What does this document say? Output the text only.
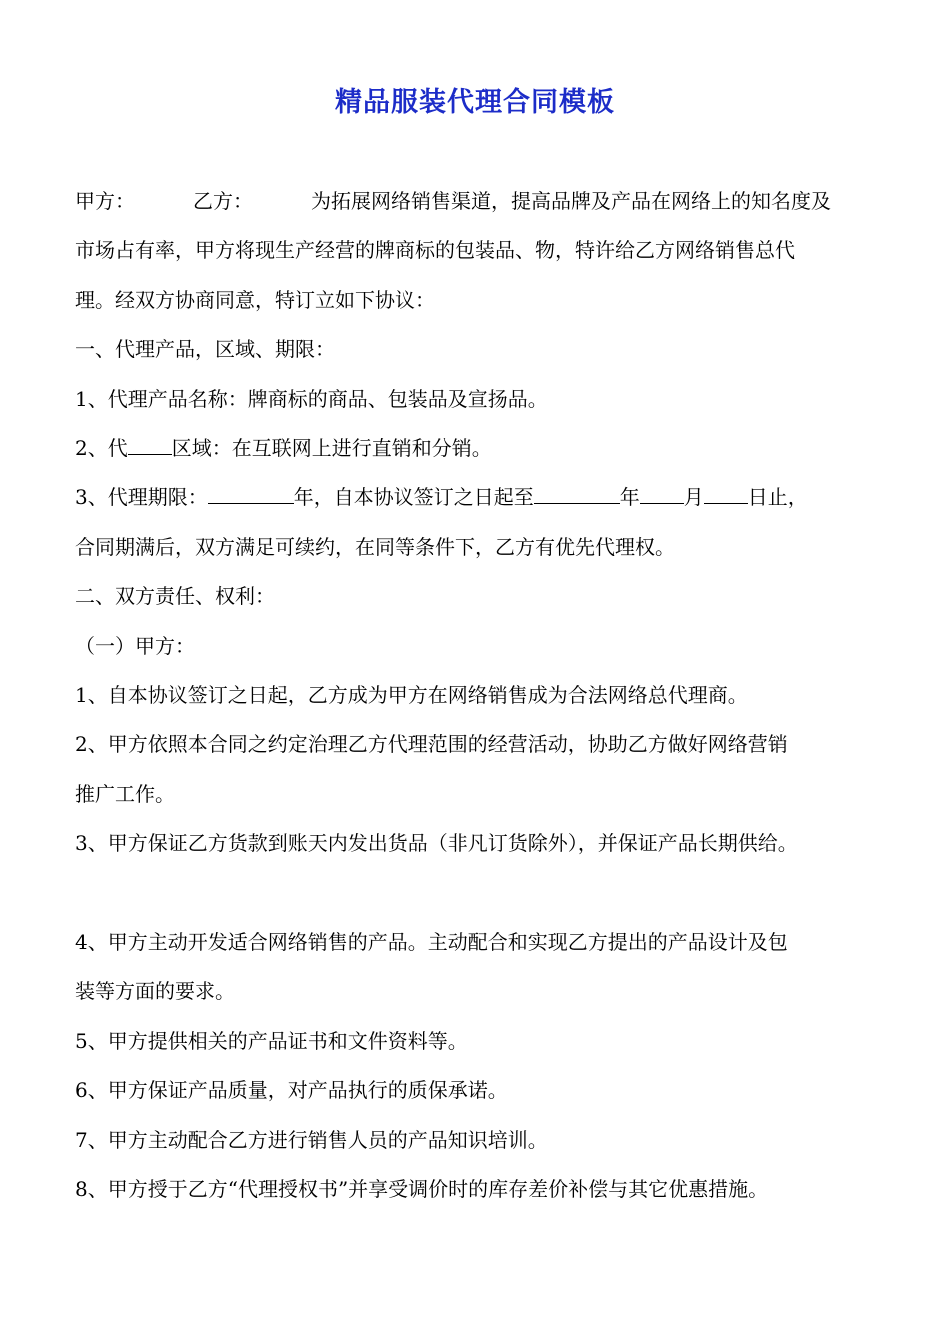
精品服装代理合同模板

甲方：	乙方：	为拓展网络销售渠道，提高品牌及产品在网络上的知名度及

市场占有率，甲方将现生产经营的牌商标的包装品、物，特许给乙方网络销售总代

理。经双方协商同意，特订立如下协议：

一、代理产品，区域、期限：

1、代理产品名称：牌商标的商品、包装品及宣扬品。

2、代 区域：在互联网上进行直销和分销。

3、代理期限：	年，自本协议签订之日起至	年 月 日止，

合同期满后，双方满足可续约，在同等条件下，乙方有优先代理权。

二、双方责任、权利：

（一）甲方：

1、自本协议签订之日起，乙方成为甲方在网络销售成为合法网络总代理商。

2、甲方依照本合同之约定治理乙方代理范围的经营活动，协助乙方做好网络营销

推广工作。

3、甲方保证乙方货款到账天内发出货品（非凡订货除外），并保证产品长期供给。

4、甲方主动开发适合网络销售的产品。主动配合和实现乙方提出的产品设计及包

装等方面的要求。

5、甲方提供相关的产品证书和文件资料等。

6、甲方保证产品质量，对产品执行的质保承诺。

7、甲方主动配合乙方进行销售人员的产品知识培训。

8、甲方授于乙方“代理授权书”并享受调价时的库存差价补偿与其它优惠措施。
